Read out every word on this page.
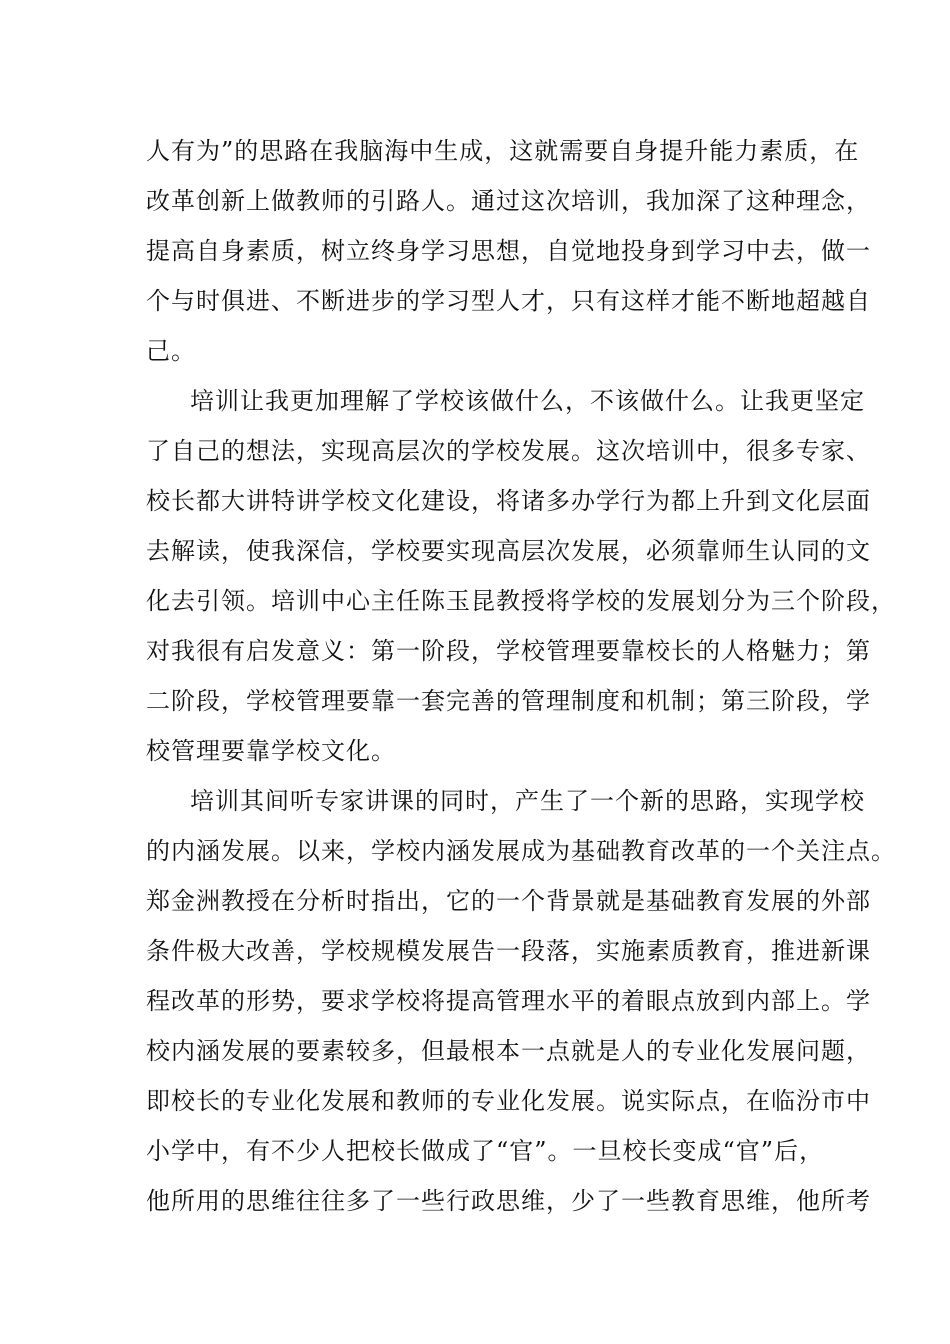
人有为”的思路在我脑海中生成，这就需要自身提升能力素质，在
改革创新上做教师的引路人。通过这次培训，我加深了这种理念，
提高自身素质，树立终身学习思想，自觉地投身到学习中去，做一
个与时俱进、不断进步的学习型人才，只有这样才能不断地超越自
己。
培训让我更加理解了学校该做什么，不该做什么。让我更坚定
了自己的想法，实现高层次的学校发展。这次培训中，很多专家、
校长都大讲特讲学校文化建设，将诸多办学行为都上升到文化层面
去解读，使我深信，学校要实现高层次发展，必须靠师生认同的文
化去引领。培训中心主任陈玉昆教授将学校的发展划分为三个阶段，
对我很有启发意义：第一阶段，学校管理要靠校长的人格魅力；第
二阶段，学校管理要靠一套完善的管理制度和机制；第三阶段，学
校管理要靠学校文化。
培训其间听专家讲课的同时，产生了一个新的思路，实现学校
的内涵发展。以来，学校内涵发展成为基础教育改革的一个关注点。
郑金洲教授在分析时指出，它的一个背景就是基础教育发展的外部
条件极大改善，学校规模发展告一段落，实施素质教育，推进新课
程改革的形势，要求学校将提高管理水平的着眼点放到内部上。学
校内涵发展的要素较多，但最根本一点就是人的专业化发展问题，
即校长的专业化发展和教师的专业化发展。说实际点，在临汾市中
小学中，有不少人把校长做成了“官”。一旦校长变成“官”后，
他所用的思维往往多了一些行政思维，少了一些教育思维，他所考
